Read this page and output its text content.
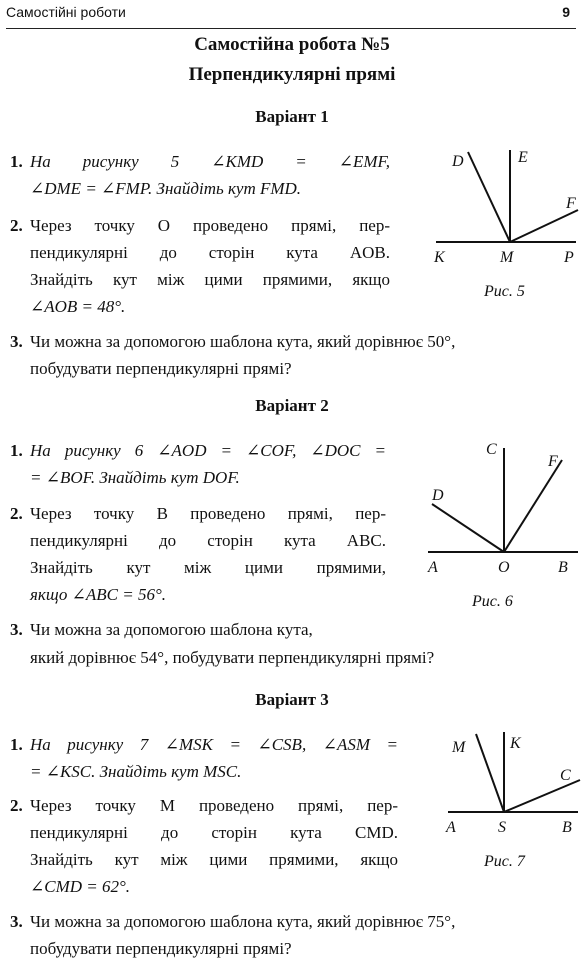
Самостійні роботи	9
Самостійна робота №5
Перпендикулярні прямі
Варіант 1
1. На рисунку 5 ∠KMD = ∠EMF,
∠DME = ∠FMP. Знайдіть кут FMD.
2. Через точку O проведено прямі, пер-
пендикулярні до сторін кута AOB.
Знайдіть кут між цими прямими, якщо
∠AOB = 48°.
3. Чи можна за допомогою шаблона кута, який дорівнює 50°,
побудувати перпендикулярні прямі?
D	E
F
K	M	P
Рис. 5
Варіант 2
1. На рисунку 6 ∠AOD = ∠COF, ∠DOC =
= ∠BOF. Знайдіть кут DOF.
2. Через точку B проведено прямі, пер-
пендикулярні до сторін кута ABC.
Знайдіть кут між цими прямими,
якщо ∠ABC = 56°.
3. Чи можна за допомогою шаблона кута,
який дорівнює 54°, побудувати перпендикулярні прямі?
C
F
D
A	O	B
Рис. 6
Варіант 3
1. На рисунку 7 ∠MSK = ∠CSB, ∠ASM =
= ∠KSC. Знайдіть кут MSC.
2. Через точку M проведено прямі, пер-
пендикулярні до сторін кута CMD.
Знайдіть кут між цими прямими, якщо
∠CMD = 62°.
3. Чи можна за допомогою шаблона кута, який дорівнює 75°,
побудувати перпендикулярні прямі?
M	K
C
A	S	B
Рис. 7
